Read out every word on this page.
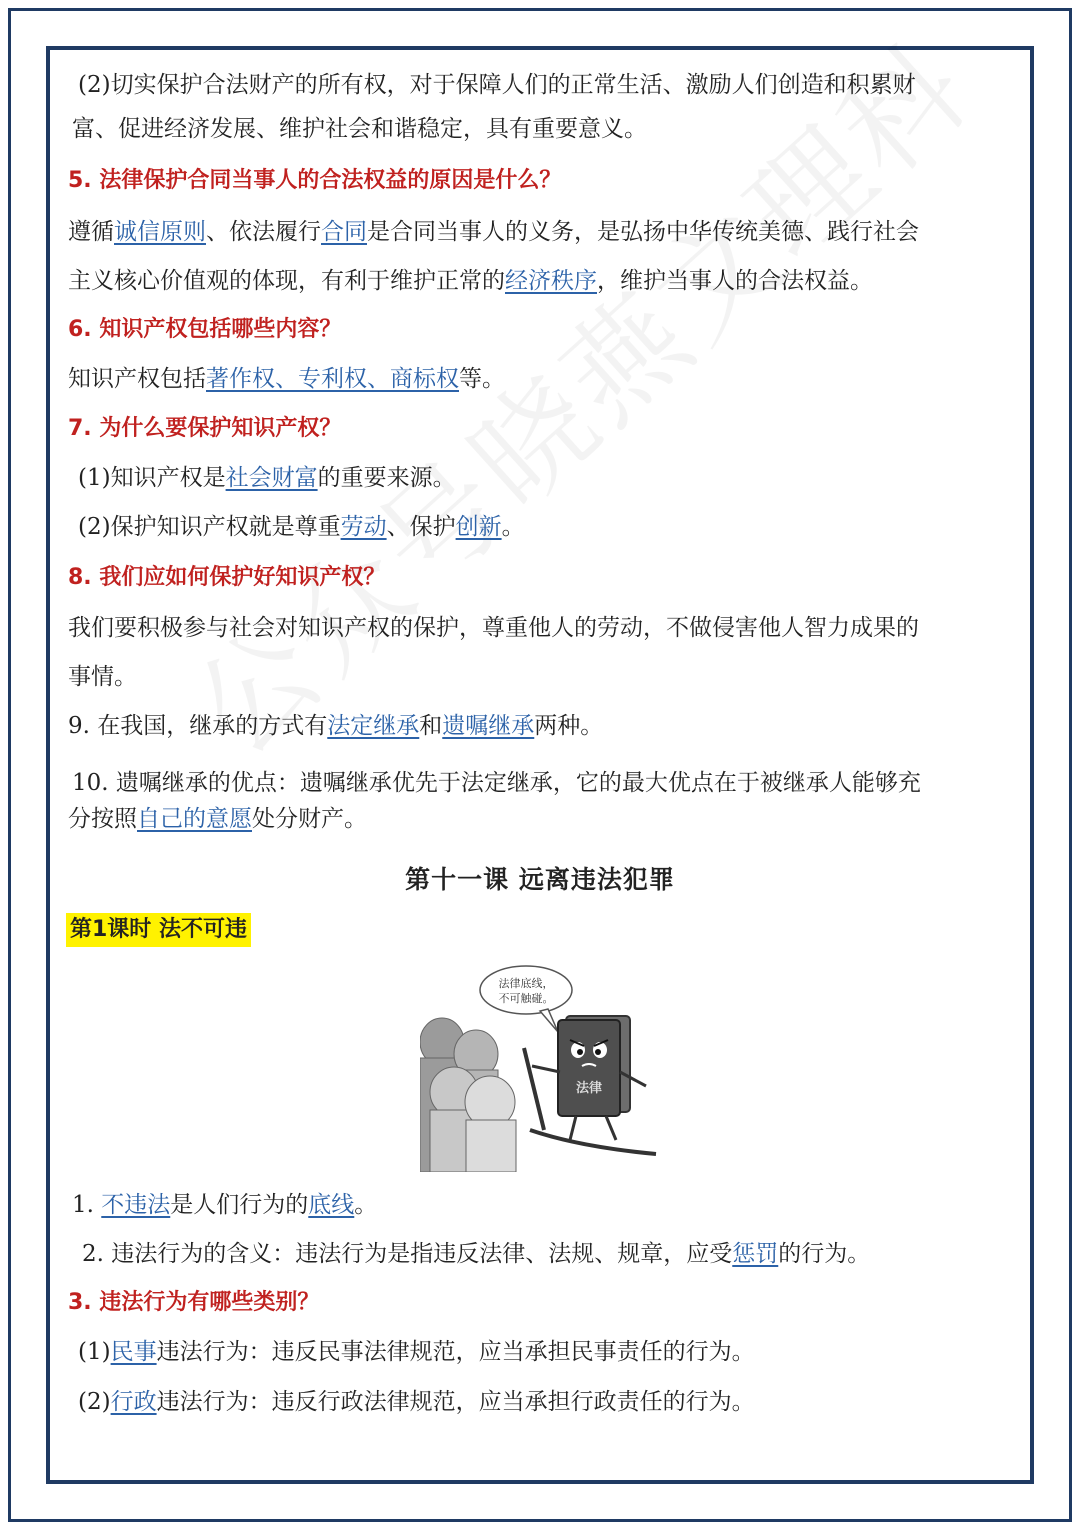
(2)切实保护合法财产的所有权，对于保障人们的正常生活、激励人们创造和积累财
富、促进经济发展、维护社会和谐稳定，具有重要意义。
5. 法律保护合同当事人的合法权益的原因是什么？
遵循诚信原则、依法履行合同是合同当事人的义务，是弘扬中华传统美德、践行社会
主义核心价值观的体现，有利于维护正常的经济秩序，维护当事人的合法权益。
6. 知识产权包括哪些内容？
知识产权包括著作权、专利权、商标权等。
7. 为什么要保护知识产权？
(1)知识产权是社会财富的重要来源。
(2)保护知识产权就是尊重劳动、保护创新。
8. 我们应如何保护好知识产权？
我们要积极参与社会对知识产权的保护，尊重他人的劳动，不做侵害他人智力成果的
事情。
9. 在我国，继承的方式有法定继承和遗嘱继承两种。
10. 遗嘱继承的优点：遗嘱继承优先于法定继承，它的最大优点在于被继承人能够充
分按照自己的意愿处分财产。
第十一课 远离违法犯罪
第1课时 法不可违
法律底线，
不可触碰。
法律
1. 不违法是人们行为的底线。
2. 违法行为的含义：违法行为是指违反法律、法规、规章，应受惩罚的行为。
3. 违法行为有哪些类别？
(1)民事违法行为：违反民事法律规范，应当承担民事责任的行为。
(2)行政违法行为：违反行政法律规范，应当承担行政责任的行为。
